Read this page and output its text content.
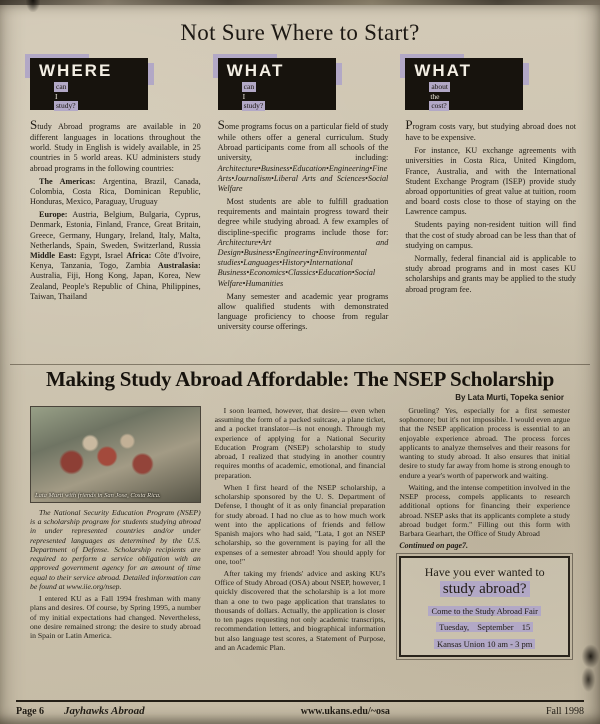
Not Sure Where to Start?
WHERE
can
I
study?

Study Abroad programs are available in 20 different languages in locations throughout the world. Study in English is widely available, in 25 countries in 5 world areas. KU administers study abroad programs in the following countries:

The Americas: Argentina, Brazil, Canada, Colombia, Costa Rica, Dominican Republic, Honduras, Mexico, Paraguay, Uruguay

Europe: Austria, Belgium, Bulgaria, Cyprus, Denmark, Estonia, Finland, France, Great Britain, Greece, Germany, Hungary, Ireland, Italy, Malta, Netherlands, Spain, Sweden, Switzerland, Russia Middle East: Egypt, Israel Africa: Côte d'Ivoire, Kenya, Tanzania, Togo, Zambia Australasia: Australia, Fiji, Hong Kong, Japan, Korea, New Zealand, People's Republic of China, Philippines, Taiwan, Thailand

WHAT
can
I
study?

Some programs focus on a particular field of study while others offer a general curriculum. Study Abroad participants come from all schools of the university, including: Architecture•Business•Education•Engineering•Fine Arts•Journalism•Liberal Arts and Sciences•Social Welfare

Most students are able to fulfill graduation requirements and maintain progress toward their degree while studying abroad. A few examples of discipline-specific programs include those for: Architecture•Art and Design•Business•Engineering•Environmental studies•Languages•History•International Business•Economics•Classics•Education•Social Welfare•Humanities

Many semester and academic year programs allow qualified students with demonstrated language proficiency to choose from regular university course offerings.

WHAT
about
the
cost?

Program costs vary, but studying abroad does not have to be expensive.

For instance, KU exchange agreements with universities in Costa Rica, United Kingdom, France, Australia, and with the International Student Exchange Program (ISEP) provide study abroad opportunities of great value at tuition, room and board costs close to those of staying on the Lawrence campus.

Students paying non-resident tuition will find that the cost of study abroad can be less than that of studying on campus.

Normally, federal financial aid is applicable to study abroad programs and in most cases KU scholarships and grants may be applied to the study abroad program fee.

Making Study Abroad Affordable: The NSEP Scholarship
By Lata Murti, Topeka senior
Lata Murti with friends in San Jose, Costa Rica.

The National Security Education Program (NSEP) is a scholarship program for students studying abroad in under represented countries and/or under represented languages as determined by the U.S. Department of Defense. Scholarship recipients are required to perform a service obligation with an approved government agency for an amount of time equal to their service abroad. Detailed information can be found at www.iie.org/nsep.

I entered KU as a Fall 1994 freshman with many plans and desires. Of course, by Spring 1995, a number of my initial expectations had changed. Nevertheless, one desire remained strong: the desire to study abroad in Spain or Latin America.

I soon learned, however, that desire— even when assuming the form of a packed suitcase, a plane ticket, and a pocket translator—is not enough. Through my experience of applying for a National Security Education Program (NSEP) scholarship to study abroad, I realized that studying in another country requires months of academic, emotional, and financial preparation.

When I first heard of the NSEP scholarship, a scholarship sponsored by the U. S. Department of Defense, I thought of it as only financial preparation for study abroad. I had no clue as to how much work went into the applications of friends and fellow Spanish majors who had said, "Lata, I got an NSEP scholarship, so the government is paying for all the expenses of a semester abroad! You should apply for one, too!"

After taking my friends' advice and asking KU's Office of Study Abroad (OSA) about NSEP, however, I quickly discovered that the scholarship is a lot more than a one to two page application that translates to thousands of dollars. Actually, the application is closer to ten pages requesting not only academic transcripts, recommendation letters, and biographical information but also language test scores, a Statement of Purpose, and an Academic Plan.

Grueling? Yes, especially for a first semester sophomore; but it's not impossible. I would even argue that the NSEP application process is essential to an enjoyable experience abroad. The process forces applicants to analyze themselves and their reasons for wanting to study abroad. It also ensures that initial desire to study far away from home is strong enough to endure a year's worth of paperwork and waiting.

Waiting, and the intense competition involved in the NSEP process, compels applicants to research additional options for financing their experience abroad. NSEP asks that its applicants complete a study abroad budget form." Filling out this form with Barbara Gearhart, the Office of Study Abroad

Continued on page7.
Have you ever wanted to
study abroad?
Come to the Study Abroad Fair
Tuesday, September 15
Kansas Union 10 am - 3 pm
Page 6 Jayhawks Abroad	www.ukans.edu/~osa	Fall 1998
